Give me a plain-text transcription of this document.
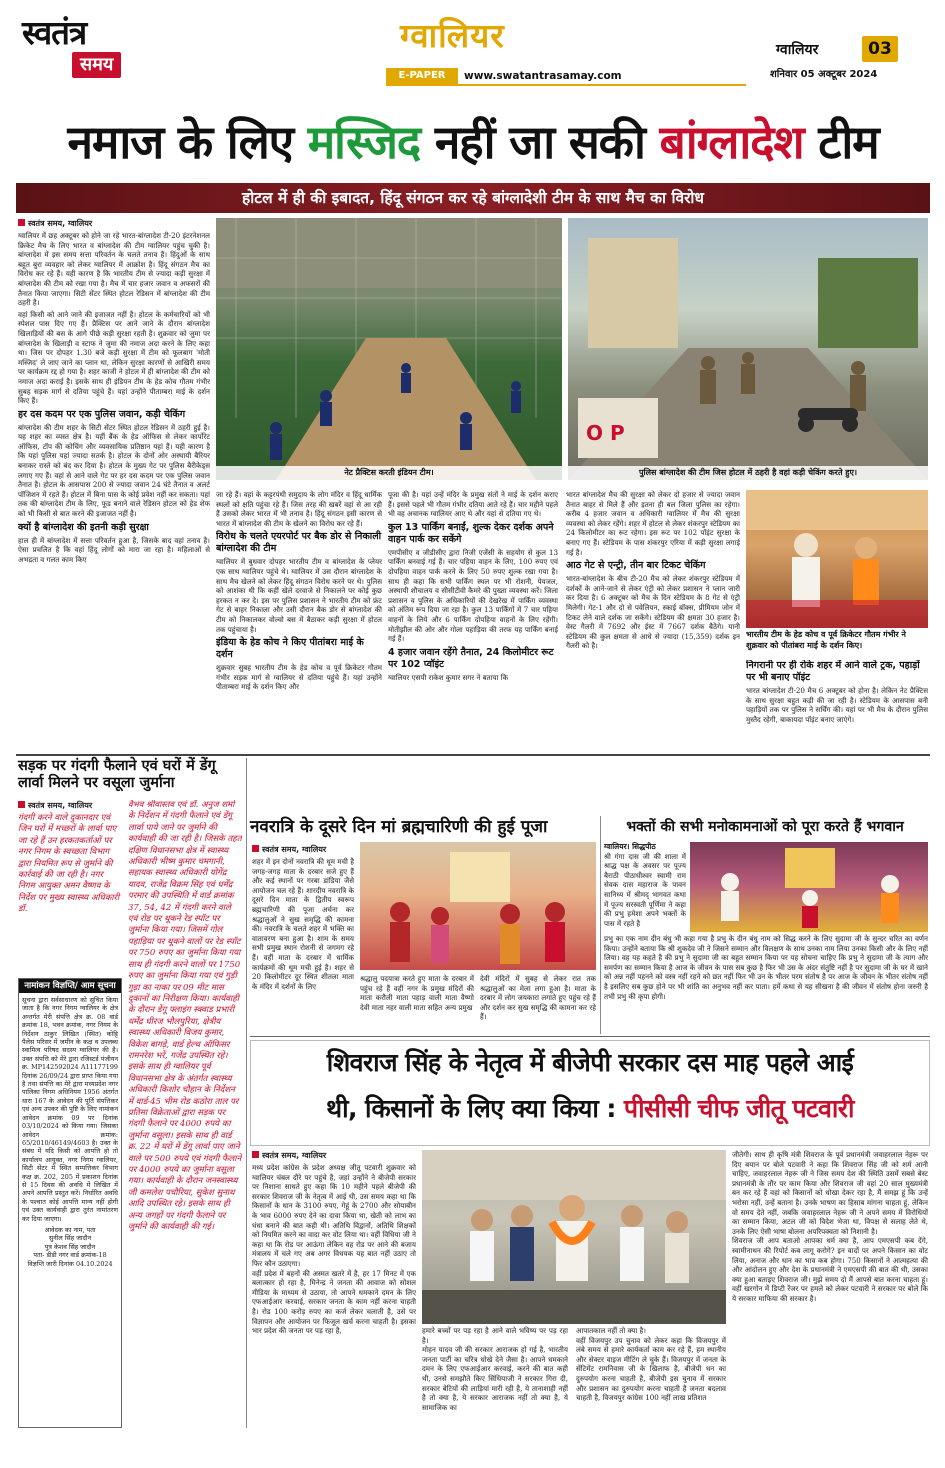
स्वतंत्र
समय
ग्वालियर
E-PAPER	www.swatantrasamay.com
ग्वालियर	03
शनिवार 05 अक्टूबर 2024
नमाज के लिए मस्जिद नहीं जा सकी बांग्लादेश टीम
होटल में ही की इबादत, हिंदू संगठन कर रहे बांग्लादेशी टीम के साथ मैच का विरोध
स्वतंत्र समय, ग्वालियर

ग्वालियर में छह अक्टूबर को होने जा रहे भारत-बांग्लादेश टी-20 इंटरनेशनल क्रिकेट मैच के लिए भारत व बांग्लादेश की टीम ग्वालियर पहुंच चुकी है। बांग्लादेश में इस समय सत्ता परिवर्तन के चलते तनाव है। हिंदुओं के साथ बहुत बुरा व्यवहार को लेकर ग्वालियर में आक्रोश है। हिंदू संगठन मैच का विरोध कर रहे हैं। यही कारण है कि भारतीय टीम से ज्यादा कड़ी सुरक्षा में बांग्लादेश की टीम को रखा गया है। मैच में चार हजार जवान व अफसरों की तैनात किया जाएगा। सिटी सेंटर स्थित होटल रेडिसन में बांग्लादेश की टीम ठहरी है।

वहां किसी को आने जाने की इजाजत नहीं है। होटल के कर्मचारियों को भी स्पेशल पास दिए गए हैं। प्रैक्टिस पर आने जाने के दौरान बांग्लादेश खिलाड़ियों की बस के आगे पीछे कड़ी सुरक्षा रहती है। शुक्रवार को जुमा पर बांग्लादेश के खिलाड़ी व स्टाफ ने जुमा की नमाज अदा करने के लिए कहा था। जिस पर दोपहर 1.30 बजे कड़ी सुरक्षा में टीम को फूलबाग 'मोती मस्जिद' ले जाए जाने का प्लान था, लेकिन सुरक्षा कारणों से आखिरी समय पर कार्यक्रम रद्द हो गया है। शहर काजी ने होटल में ही बांग्लादेश की टीम को नमाज अदा कराई है। इसके साथ ही इंडियन टीम के हेड कोच गौतम गंभीर सुबह सड़क मार्ग से दतिया पहुंचे हैं। यहां उन्होंने पीताम्बरा माई के दर्शन किए हैं।

हर दस कदम पर एक पुलिस जवान, कड़ी चेकिंग

बांग्लादेश की टीम शहर के सिटी सेंटर स्थित होटल रेडिसन में ठहरी हुई है। यह शहर का व्यस्त क्षेत्र है। यहीं बैंक के हेड ऑफिस से लेकर कार्पोरेट ऑफिस, टॉप की कोचिंग और व्यवसायिक प्रतिष्ठान यहां हैं। यही कारण है कि यहां पुलिस यहां ज्यादा सतर्क है। होटल के दोनों ओर अस्थायी बैरियर बनाकर रास्ते को बंद कर दिया है। होटल के मुख्य गेट पर पुलिस बैरीकेड्स लगाए गए हैं। वहां से आने वाले गेट पर हर दस कदम पर एक पुलिस जवान तैनात है। होटल के आसपास 200 से ज्यादा जवान 24 घंटे तैनात व अलर्ट पॉजिशन में रहते हैं। होटल में बिना पास के कोई प्रवेश नहीं कर सकता। यहां तक की बांग्लादेश टीम के लिए, फूड बनाने वाले रेडिसन होटल को हेड शेफ को भी किसी से बात करने की इजाजत नहीं है।

क्यों है बांग्लादेश की इतनी कड़ी सुरक्षा

हाल ही में बांग्लादेश में सत्ता परिवर्तन हुआ है, जिसके बाद वहां तनाव है। ऐसा प्रचलित है कि वहां हिंदू लोगों को मारा जा रहा है। महिलाओं से अभद्रता व गलत काम किए

नेट प्रैक्टिस करती इंडियन टीम।
O P
पुलिस बांग्लादेश की टीम जिस होटल में ठहरी है वहां कड़ी चेकिंग करते हुए।

जा रहे हैं। वहां के कट्टरपंथी समुदाय के लोग मंदिर व हिंदू धार्मिक स्थलों को क्षति पहुंचा रहे हैं। जिस तरह की खबरें वहां से आ रही हैं उसको लेकर भारत में भी तनाव है। हिंदू संगठन इसी कारण से भारत में बांग्लादेश की टीम के खेलने का विरोध कर रहे हैं।

विरोध के चलते एयरपोर्ट पर बैक डोर से निकाली बांग्लादेश की टीम

ग्वालियर में बुधवार दोपहर भारतीय टीम व बांग्लादेश के प्लेयर एक साथ ग्वालियर पहुंचे थे। ग्वालियर में उस दौरान बांग्लादेश के साथ मैच खेलने को लेकर हिंदू संगठन विरोध करने पर थे। पुलिस को आशंका थी कि कहीं खेले दरवाजे से निकालने पर कोई कुछ हरकत न कर दे। इस पर पुलिस प्रशासन ने भारतीय टीम को फ्रंट गेट से बाहर निकाला और उसी दौरान बैक डोर से बांग्लादेश की टीम को निकालकर वोल्वो बस में बैठाकर कड़ी सुरक्षा में होटल तक पहुंचाया है।

इंडिया के हेड कोच ने किए पीतांबरा माई के दर्शन

शुक्रवार सुबह भारतीय टीम के हेड कोच व पूर्व क्रिकेटर गौतम गंभीर सड़क मार्ग से ग्वालियर से दतिया पहुंचे हैं। यहां उन्होंने पीताम्बरा माई के दर्शन किए और

पूजा की है। यहां उन्हें मंदिर के प्रमुख संतों ने माई के दर्शन कराए हैं। इससे पहले भी गौतम गंभीर दतिया आते रहे हैं। चार महीने पहले भी वह अचानक ग्वालियर आए थे और यहां से दतिया गए थे।

कुल 13 पार्किंग बनाईं, शुल्क देकर दर्शक अपने वाहन पार्क कर सकेंगे

एमपीसीए व जीडीसीए द्वारा निजी एजेंसी के सहयोग से कुल 13 पार्किंग बनवाई गई हैं। चार पहिया वाहन के लिए, 100 रुपए एवं दोपहिया वाहन पार्क करने के लिए 50 रुपए शुल्क रखा गया है। साथ ही कहा कि सभी पार्किंग स्थल पर भी रोशनी, पेयजल, अस्थायी शौचालय व सीसीटीवी कैमरे की पुख्ता व्यवस्था करें। जिला प्रशासन व पुलिस के अधिकारियों की देखरेख में पार्किंग व्यवस्था को अंतिम रूप दिया जा रहा है। कुल 13 पार्किंगों में 7 चार पहिया वाहनों के लिये और 6 पार्किंग दोपहिया वाहनों के लिए रहेंगी। मोतीझील की ओर और गोला पहाड़िया की तरफ यह पार्किंग बनाई गई हैं।

4 हजार जवान रहेंगे तैनात, 24 किलोमीटर रूट पर 102 प्वॉइंट

ग्वालियर एसपी राकेश कुमार सगर ने बताया कि

भारत बांग्लादेश मैच की सुरक्षा को लेकर दो हजार से ज्यादा जवान तैनात बाहर से मिले हैं और इतना ही बल जिला पुलिस का रहेगा। करीब 4 हजार जवान व अधिकारी ग्वालियर में मैच की सुरक्षा व्यवस्था को लेकर रहेंगे। शहर में होटल से लेकर शंकरपुर स्टेडियम का 24 किलोमीटर का रूट रहेगा। इस रूट पर 102 पॉइंट सुरक्षा के बनाए गए हैं। स्टेडियम के पास शंकरपुर एरिया में कड़ी सुरक्षा लगाई गई है।

आठ गेट से एन्ट्री, तीन बार टिकट चेकिंग

भारत-बांग्लादेश के बीच टी-20 मैच को लेकर शंकरपुर स्टेडियम में दर्शकों के आने-जाने से लेकर एंट्री को लेकर प्रशासन ने प्लान जारी कर दिया है। 6 अक्टूबर को मैच के दिन स्टेडियम के 8 गेट से एंट्री मिलेगी। गेट-1 और दो से पवेलियन, स्काई बॉक्स, प्रीमियम जोन में टिकट लेने वाले दर्शक जा सकेंगे। स्टेडियम की क्षमता 30 हजार है। वेस्ट गैलरी में 7692 और ईस्ट में 7667 दर्शक बैठेंगे। यानी स्टेडियम की कुल क्षमता से आधे से ज्यादा (15,359) दर्शक इन गैलरी को है।

भारतीय टीम के हेड कोच व पूर्व क्रिकेटर गौतम गंभीर ने शुक्रवार को पीतांबरा माई के दर्शन किए।
निगरानी पर ही रोके शहर में आने वाले ट्रक, पहाड़ों पर भी बनाए पॉइंट

भारत बांग्लादेश टी-20 मैच 6 अक्टूबर को होना है। लेकिन नेट प्रैक्टिस के साथ सुरक्षा बहुत कड़ी की जा रही है। स्टेडियम के आसपास बनी पहाड़ियों तक पर पुलिस ने सर्चिंग की। यहां पर भी मैच के दौरान पुलिस मुस्तैद रहेगी, बाकायदा पॉइंट बनाए जाएंगे।

सड़क पर गंदगी फैलाने एवं घरों में डेंगू लार्वा मिलने पर वसूला जुर्माना
स्वतंत्र समय, ग्वालियर
गंदगी करने वाले दुकानदार एवं जिन घरों में मच्छरों के लार्वा पाए जा रहे हैं उन हरकतकर्ताओं पर नगर निगम के स्वच्छता विभाग द्वारा नियमित रूप से जुर्माने की कार्रवाई की जा रही है। नगर निगम आयुक्त अमन वैष्णव के निर्देश पर मुख्य स्वास्थ्य अधिकारी डॉ.
वैभव श्रीवास्तव एवं डॉ. अनुज शर्मा के निर्देशन में गंदगी फैलाने एवं डेंगू लार्वा पाये जाने पर जुर्माने की कार्यवाही की जा रही है। जिसके तहत दक्षिण विधानसभा क्षेत्र में स्वास्थ्य अधिकारी भीष्म कुमार चमगानी, सहायक स्वास्थ्य अधिकारी योगेंद्र यादव, राजेंद्र विक्रम सिंह एवं धर्मेंद्र परमार की उपस्थिति में वार्ड क्रमांक 37, 54, 42 में गंदगी करने वाले एवं रोड पर थूकने रेड स्पॉट पर जुर्माना किया गया। जिसमें गोल पहाड़िया पर थूकने वालों पर रेड स्पॉट पर 750 रुपए का जुर्माना किया गया साथ ही गंदगी करने वालों पर 1750 रुपए का जुर्माना किया गया एवं गुड़ी गुड़ा का नाका पर 09 मीट मास दुकानों का निरीक्षण किया। कार्यवाही के दौरान डेंगू फ्लाइंग स्क्वाड प्रभारी धर्मेंद्र धीरज भौलपुरिया, क्षेत्रीय स्वास्थ्य अधिकारी विजय कुमार, विकेश बागड़े, वार्ड हेल्थ ऑफिसर रामनरेश भरें, गजेंद्र उपस्थित रहे। इसके साथ ही ग्वालियर पूर्व विधानसभा क्षेत्र के अंतर्गत स्वास्थ्य अधिकारी किशोर चौहान के निर्देशन में वार्ड-45 भीम रोड कठोरा ताल पर प्रतिमा विक्रेताओं द्वारा सड़क पर गंदगी फैलाने पर 4000 रुपये का जुर्माना वसूला। इसके साथ ही वार्ड क्र. 22 में घरों में डेंगू लार्वा पाए जाने वाले पर 500 रुपये एवं गंदगी फैलाने पर 4000 रुपये का जुर्माना वसूला गया। कार्यवाही के दौरान जनस्वास्थ्य जी कमलेश पचौरिया, सुकेश सुनाथ आदि उपस्थित रहे। इसके साथ ही अन्य जगहों पर गंदगी फैलाने पर जुर्माने की कार्यवाही की गई।
नामांकन विज्ञप्ति/ आम सूचना
सूचना द्वारा सर्वसाधारण को सूचित किया जाता है कि नगर निगम ग्वालियर के क्षेत्र अन्तर्गत मेरी संपत्ति क्षेत्र क्र. 08 वार्ड क्रमांक 18, भवन क्रमांक, नगर नियम के निर्देशन ठाकुर लिखित (स्थित) कोट्टि पैलेस परिसर में जमीन के कक्ष व उपलब्ध स्वामित्व परिषद सदस्य ग्वालियर की है। उक्त संपत्ति को मेरे द्वारा रजिस्टर्ड पंजीयन क्र. MP142592024 A11177199 दिनांक 26/09/24 द्वारा प्राप्त किया गया है तथा संपत्ति का मेरे द्वारा मध्यप्रदेश नगर पालिका निगम अधिनियम 1956 अंतर्गत धारा 167 के आवेदन की पूर्ति संपत्तिकर एवं अन्य उपकर की पुष्टि के लिए नामांकन आवेदन क्रमांक 09 पर दिनांक 03/10/2024 को किया गया। जिसका आवेदन क्रमांक: 65/2010/46149/4603 है। उक्त के संबंध में यदि किसी को आपत्ति हो तो कार्यालय आयुक्त, नगर निगम ग्वालियर, सिटी सेंटर में स्थित सम्पत्तिकर विभाग कक्ष क्र. 202, 205 में प्रकाशन दिनांक से 15 दिवस की अवधि में लिखित में अपने आपत्ति प्रस्तुत करें। निर्धारित अवधि के पश्चात कोई आपत्ति मान्य नहीं होगी एवं उक्त कार्यवाही द्वारा तुरंत नामांतरण कर दिया जाएगा।
आवेदक का नाम, पता
सुनील सिंह जादौन
पुत्र केशव सिंह जादौन
पता- डीडी नगर वार्ड क्रमांक-18
विज्ञप्ति जारी दिनांक 04.10.2024
नवरात्रि के दूसरे दिन मां ब्रह्मचारिणी की हुई पूजा
स्वतंत्र समय, ग्वालियर

शहर में इन दोनों नवरात्रि की धूम मची है जगह-जगह माता के दरबार सजे हुए हैं और कई स्थानों पर गरबा डांडिया जैसे आयोजन चल रहे हैं। शारदीय नवरात्रि के दूसरे दिन माता के द्वितीय स्वरूप ब्रह्मचारिणी की पूजा अर्चना कर श्रद्धालुओं ने सुख समृद्धि की कामना की। नवरात्रि के चलते शहर में भक्ति का वातावरण बना हुआ है। शाम के समय सभी प्रमुख स्थान रोशनी से जगमग रहे हैं। वहीं माता के दरबार में धार्मिक कार्यक्रमों की धूम मची हुई है। शहर से 20 किलोमीटर दूर स्थित शीतला माता के मंदिर में दर्शनों के लिए

श्रद्धालु पदयात्रा करते हुए माता के दरबार में पहुंच रहे हैं वहीं नगर के प्रमुख मंदिरों की माता करौली माता पहाड़ वाली माता वैष्णो देवी माता नहर वाली माता सहित अन्य प्रमुख

देवी मंदिरों में सुबह से लेकर रात तक श्रद्धालुओं का मेला लगा हुआ है। माता के दरबार में लोग जयकारा लगाते हुए पहुंच रहे हैं और दर्शन कर सुख समृद्धि की कामना कर रहे हैं।

भक्तों की सभी मनोकामनाओं को पूरा करते हैं भगवान
ग्वालियर। सिद्धपीठ

श्री गंगा दास जी की शाला में श्राद्ध पक्ष के अवसर पर पूज्य बैराठी पीठाधीश्वर स्वामी राम सेवक दास महाराज के पावन सानिध्य में श्रीमद् भागवत कथा में पूज्य सरस्वती पूर्णिमा ने कहा की प्रभु हमेशा अपने भक्तों के पास में रहते है

प्रभु का एक नाम दीन बंधु भी कहा गया है प्रभु के दीन बंधु नाम को सिद्ध करने के लिए सुदामा जी के सुन्दर चरित का वर्णन किया। उन्होंने बताया कि श्री शुकदेव जी ने जिसने सम्मान और विलक्षण के साथ उनका नाम लिया उनका किसी और के लिए नहीं लिया। वह यह कहते है की प्रभु ने सुदामा जी का बहुत सम्मान किया पर यह सोचना चाहिए कि प्रभु ने सुदामा जी के त्याग और समर्पण का सम्मान किया है आज के जीवन के पास सब कुछ है फिर भी उस के अंदर संतुष्टि नहीं है पर सुदामा जी के घर में खाने को अन्न नहीं पहनने को वस्त्र नहीं रहने को छत नहीं फिर भी उन के भीतर परम संतोष है पर आज के जीवन के भीतर संतोष नहीं है इसलिए सब कुछ होने पर भी शांति का अनुभव नहीं कर पाता। हमें कथा से यह सीखना है की जीवन में संतोष होना जरुरी है तभी प्रभु की कृपा होगी।

शिवराज सिंह के नेतृत्व में बीजेपी सरकार दस माह पहले आई
थी, किसानों के लिए क्या किया : पीसीसी चीफ जीतू पटवारी
स्वतंत्र समय, ग्वालियर

मध्य प्रदेश कांग्रेस के प्रदेश अध्यक्ष जीतू पटवारी शुक्रवार को ग्वालियर चंबल दौरे पर पहुंचे है, जहां उन्होंने ने बीजेपी सरकार पर निशाना साधते हुए कहा कि 10 महीने पहले बीजेपी की सरकार शिवराज जी के नेतृत्व में आई थी, उस समय कहा था कि किसानों के धान के 3100 रुपए, गेहूं के 2700 और सोयाबीन के भाव 6000 रुपए देने का दावा किया था, खेती को लाभ का धंधा बनाने की बात कही थी। अतिथि विद्वानों, अतिथि शिक्षकों को नियमित करने का वादा कर वोट लिया था। वहीं विधिया जी ने कहा था कि रोड पर आऊंगा लेकिन वह रोड पर आने की बजाय मंत्रालय में चले गए अब अगर विधयक यह बात नहीं उठाए तो फिर कौन उठाएगा।
वहीं प्रदेश में बहनों की अस्मत खतरे में है, हर 17 मिनट में एक बलात्कार हो रहा है, मिनेन्द्र ने जनता की आवाज को सोशल मीडिया के माध्यम से उठाया, तो आपने धमकाने दमन के लिए एफआईआर करवाई, सरकार जनता के काम नहीं करना चाहती है। रोड 100 करोड़ रुपए का कर्ज लेकर चलाती है, उसे पर विज्ञापन और आयोजन पर फिजूल खर्च करना चाहती है। इसका भार प्रदेश की जनता पर पड़ रहा है,	हमारे बच्चों पर पड़ रहा है आने वाले भविष्य पर पड़ रहा है।
मोहन यादव जी की सरकार आराजक हो गई है, भारतीय जनता पार्टी का चरित्र धोखे देने जैसा है। आपने धमकाने दमन के लिए एफआईआर करवाई, करने की बात कही थी, उनसे समझौते किए सिंधियाजी ने सरकार गिरा दी, सरकार बेटियों की लाड़ियां मारी रही है, ये तानाशाही नहीं है तो क्या है, ये सरकार आराजक नहीं तो क्या है, ये सामाजिक का

आपातकाल नहीं तो क्या है।
वहीं विजयपुर उप चुनाव को लेकर कहा कि विजयपुर में लंबे समय से हमारे कार्यकर्ता काम कर रहे हैं, हम स्थानीय और सेक्टर वाइज मीटिंग ले चुके हैं। विजयपुर में जनता के सेंटिमेंट रामनिवास जी के खिलाफ है, बीजेपी धन का दुरुपयोग करना चाहती है, बीजेपी इस चुनाव में सरकार और प्रशासन का दुरुपयोग करना चाहती है जनता बदलाव चाहती है, विजयपुर कांग्रेस 100 नहीं लाख प्रतिशत

जीतेगी। साथ ही कृषि मंत्री शिवराज के पूर्व प्रधानमंत्री जवाहरलाल नेहरू पर दिए बयान पर बोले पटवारी ने कहा कि शिवराज सिंह जी को शर्म आनी चाहिए, जवाहरलाल नेहरू जी ने जिस समय देश की स्थिति उसमें सबसे बेस्ट प्रधानमंत्री के तौर पर काम किया और शिवराज जी वहां 20 साल मुख्यमंत्री बन कर रहे हैं वहां को किसानों को धोखा देकर रहा है, मैं समझ हूं कि उन्हें भरोसा नहीं, उन्हें बताना है। उनके भाषण का हिसाब मांगना चाहता हूं, लेकिन वो समय देते नहीं, जबकि जवाहरलाल नेहरू जी ने अपने समय में विरोधियों का सम्मान किया, अटल जी को विदेश भेजा था, विपक्ष से सलाह लेते थे, उनके लिए ऐसी भाषा बोलना अपरिपक्वता को निशानी है।
शिवराज जी आप बताओ आपका धर्म क्या है, आप एमएसपी कब देंगे, स्वामीनाथन की रिपोर्ट कब लागू करोगे? इन वादों पर अपने किसान का वोट लिया, अनाज और धान का भाव कब होगा। 750 किसानों ने आत्महत्या की और आंदोलन हुए और देश के प्रधानमंत्री ने एमएसपी की बात की थी, उसका क्या हुआ बताइए शिवराज जी। मुझे समय दो मैं आपसे बात करना चाहता हूं। वहीं खरगोन में डिप्टी रेंजर पर हमले को लेकर पटवारी ने सरकार पर बोले कि ये सरकार माफिया की सरकार है।
